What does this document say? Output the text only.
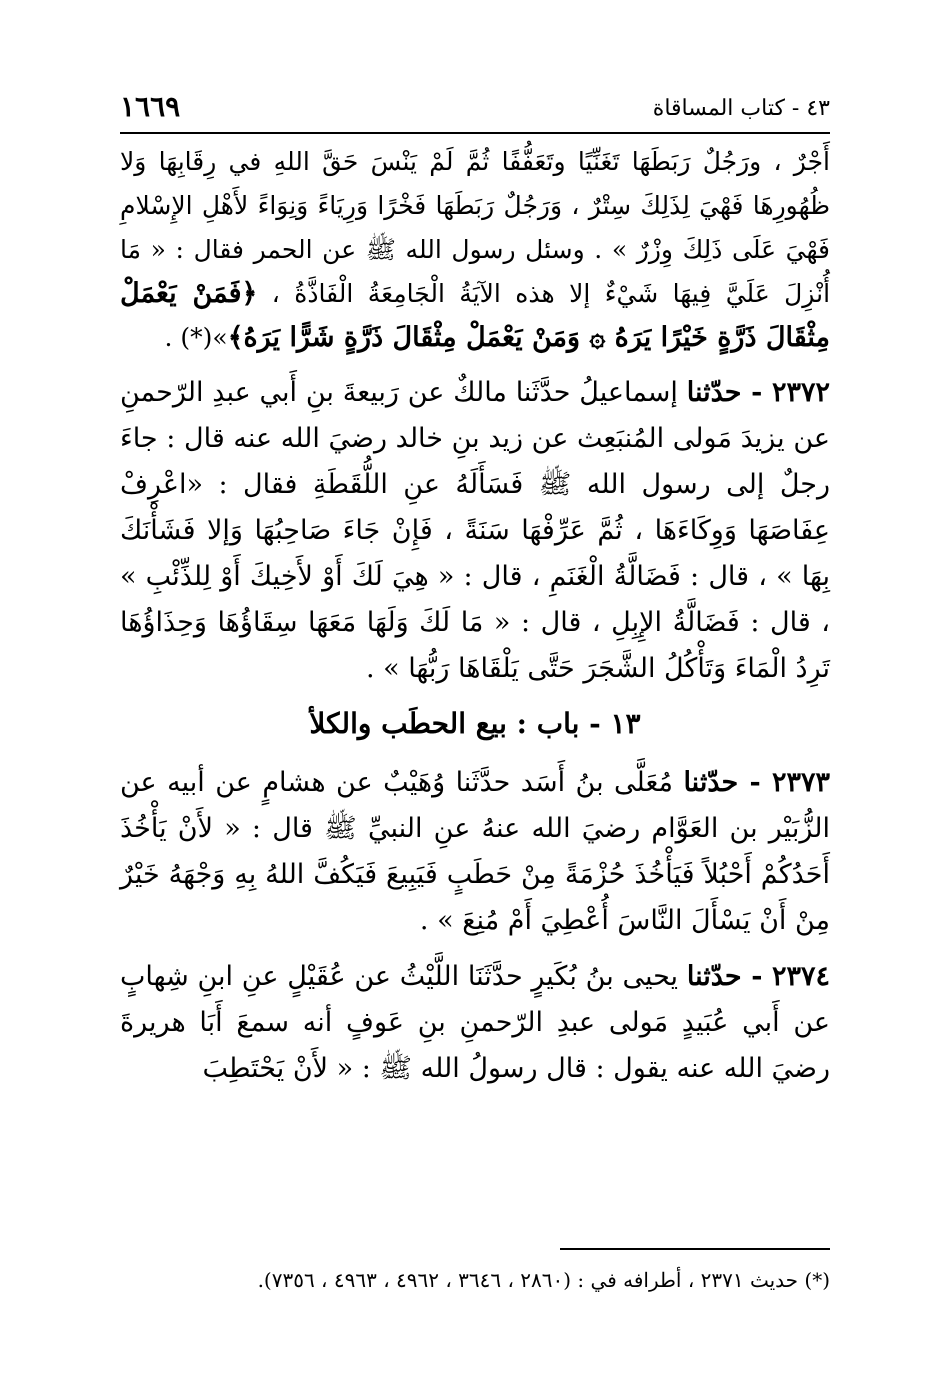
٤٣ - كتاب المساقاة
١٦٦٩

أَجْرٌ ، ورَجُلٌ رَبَطَهَا تَغَنِّيًا وتَعَفُّفًا ثُمَّ لَمْ يَنْسَ حَقَّ اللهِ في رِقَابِهَا وَلا ظُهُورِهَا فَهْيَ لِذَلِكَ سِتْرٌ ، وَرَجُلٌ رَبَطَهَا فَخْرًا وَرِيَاءً وَنِوَاءً لأَهْلِ الإِسْلامِ فَهْيَ عَلَى ذَلِكَ وِزْرٌ » . وسئل رسول الله ﷺ عن الحمر فقال : « مَا أُنْزِلَ عَلَيَّ فِيهَا شَيْءٌ إلا هذه الآيَةُ الْجَامِعَةُ الْفَاذَّةُ ، ﴿فَمَنْ يَعْمَلْ مِثْقَالَ ذَرَّةٍ خَيْرًا يَرَهُ ۞ وَمَنْ يَعْمَلْ مِثْقَالَ ذَرَّةٍ شَرًّا يَرَهُ﴾»(*) .

٢٣٧٢ - حدّثنا إسماعيلُ حدَّثَنا مالكٌ عن رَبيعةَ بنِ أَبي عبدِ الرّحمنِ عن يزيدَ مَولى المُنبَعِث عن زيد بنِ خالد رضيَ الله عنه قال : جاءَ رجلٌ إلى رسول الله ﷺ فَسَأَلَهُ عنِ اللُّقَطَةِ فقال : «اعْرِفْ عِفَاصَهَا وَوِكَاءَهَا ، ثُمَّ عَرِّفْهَا سَنَةً ، فَإِنْ جَاءَ صَاحِبُهَا وَإلا فَشَأْنَكَ بِهَا » ، قال : فَضَالَّةُ الْغَنَمِ ، قال : « هِيَ لَكَ أَوْ لأَخِيكَ أَوْ لِلذِّئْبِ » ، قال : فَضَالَّةُ الإِبِلِ ، قال : « مَا لَكَ وَلَهَا مَعَهَا سِقَاؤُهَا وَحِذَاؤُهَا تَرِدُ الْمَاءَ وَتَأْكُلُ الشَّجَرَ حَتَّى يَلْقَاهَا رَبُّهَا » .

١٣ - باب : بيع الحطَب والكلأ

٢٣٧٣ - حدّثنا مُعَلَّى بنُ أَسَد حدَّثَنا وُهَيْبٌ عن هشامٍ عن أبيه عن الزُّبَيْر بن العَوَّام رضيَ الله عنهُ عنِ النبيِّ ﷺ قال : « لأَنْ يَأْخُذَ أَحَدُكُمْ أَحْبُلاً فَيَأْخُذَ حُزْمَةً مِنْ حَطَبٍ فَيَبِيعَ فَيَكُفَّ اللهُ بِهِ وَجْهَهُ خَيْرٌ مِنْ أَنْ يَسْأَلَ النَّاسَ أُعْطِيَ أَمْ مُنِعَ » .

٢٣٧٤ - حدّثنا يحيى بنُ بُكَيرٍ حدَّثَنَا اللَّيْثُ عن عُقَيْلٍ عنِ ابنِ شِهابٍ عن أَبي عُبَيدٍ مَولى عبدِ الرّحمنِ بنِ عَوفٍ أنه سمعَ أَبَا هريرةَ رضيَ الله عنه يقول : قال رسولُ الله ﷺ : « لأَنْ يَحْتَطِبَ

(*) حديث ٢٣٧١ ، أطرافه في : (٢٨٦٠ ، ٣٦٤٦ ، ٤٩٦٢ ، ٤٩٦٣ ، ٧٣٥٦).
